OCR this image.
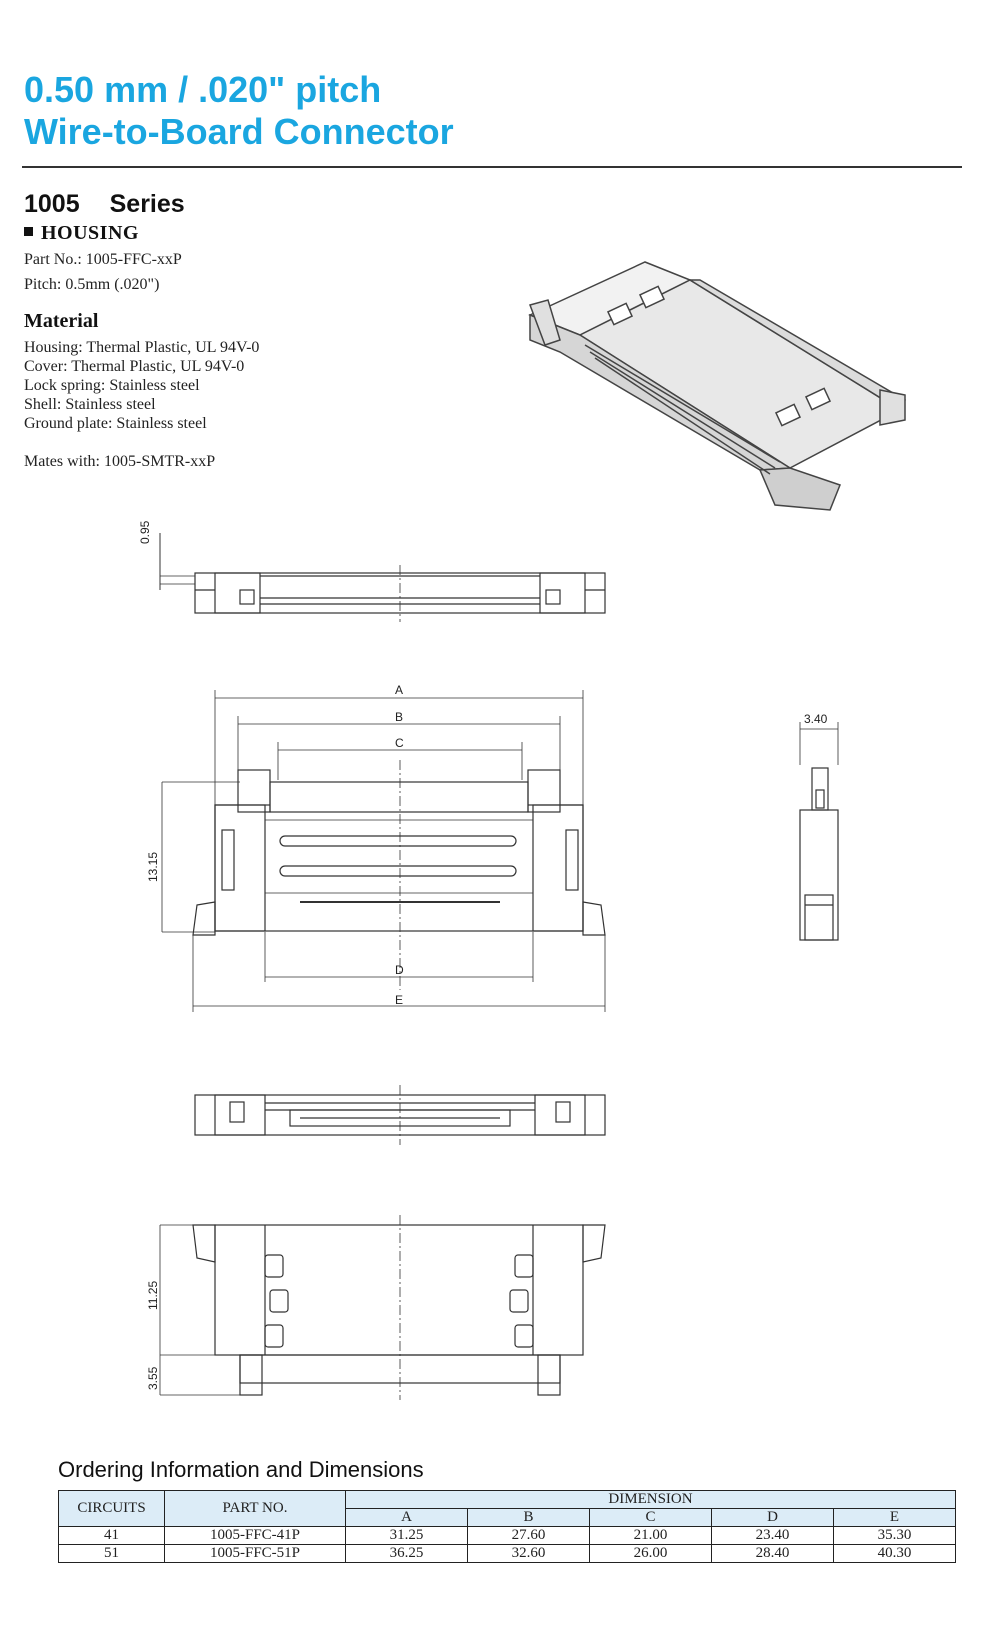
0.50 mm / .020" pitch
Wire-to-Board Connector
1005 Series
HOUSING
Part No.: 1005-FFC-xxP
Pitch: 0.5mm (.020")
Material
Housing: Thermal Plastic, UL 94V-0
Cover: Thermal Plastic, UL 94V-0
Lock spring: Stainless steel
Shell: Stainless steel
Ground plate: Stainless steel
Mates with: 1005-SMTR-xxP
0.95
A
B
C
13.15
D
E
3.40
11.25
3.55
Ordering Information and Dimensions
CIRCUITS	PART NO.	DIMENSION				
		A	B	C	D	E
41	1005-FFC-41P	31.25	27.60	21.00	23.40	35.30
51	1005-FFC-51P	36.25	32.60	26.00	28.40	40.30
